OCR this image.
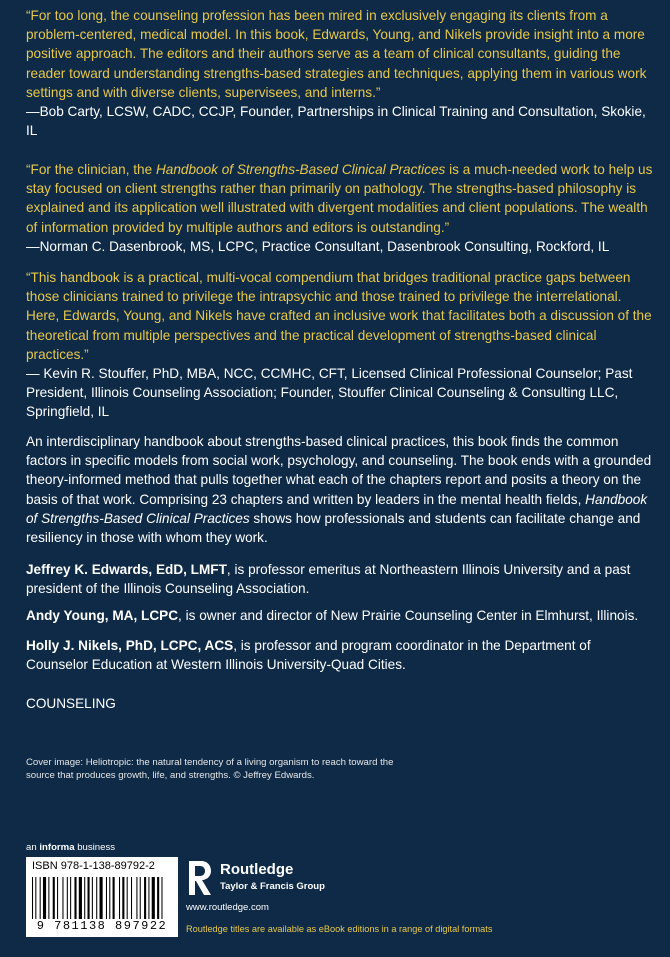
“For too long, the counseling profession has been mired in exclusively engaging its clients from a problem-centered, medical model. In this book, Edwards, Young, and Nikels provide insight into a more positive approach. The editors and their authors serve as a team of clinical consultants, guiding the reader toward understanding strengths-based strategies and techniques, applying them in various work settings and with diverse clients, supervisees, and interns.”
—Bob Carty, LCSW, CADC, CCJP, Founder, Partnerships in Clinical Training and Consultation, Skokie, IL
“For the clinician, the Handbook of Strengths-Based Clinical Practices is a much-needed work to help us stay focused on client strengths rather than primarily on pathology. The strengths-based philosophy is explained and its application well illustrated with divergent modalities and client populations. The wealth of information provided by multiple authors and editors is outstanding.”
—Norman C. Dasenbrook, MS, LCPC, Practice Consultant, Dasenbrook Consulting, Rockford, IL
“This handbook is a practical, multi-vocal compendium that bridges traditional practice gaps between those clinicians trained to privilege the intrapsychic and those trained to privilege the interrelational. Here, Edwards, Young, and Nikels have crafted an inclusive work that facilitates both a discussion of the theoretical from multiple perspectives and the practical development of strengths-based clinical practices.”
— Kevin R. Stouffer, PhD, MBA, NCC, CCMHC, CFT, Licensed Clinical Professional Counselor; Past President, Illinois Counseling Association; Founder, Stouffer Clinical Counseling & Consulting LLC, Springfield, IL
An interdisciplinary handbook about strengths-based clinical practices, this book finds the common factors in specific models from social work, psychology, and counseling. The book ends with a grounded theory-informed method that pulls together what each of the chapters report and posits a theory on the basis of that work. Comprising 23 chapters and written by leaders in the mental health fields, Handbook of Strengths-Based Clinical Practices shows how professionals and students can facilitate change and resiliency in those with whom they work.
Jeffrey K. Edwards, EdD, LMFT, is professor emeritus at Northeastern Illinois University and a past president of the Illinois Counseling Association.
Andy Young, MA, LCPC, is owner and director of New Prairie Counseling Center in Elmhurst, Illinois.
Holly J. Nikels, PhD, LCPC, ACS, is professor and program coordinator in the Department of Counselor Education at Western Illinois University-Quad Cities.
COUNSELING
Cover image: Heliotropic: the natural tendency of a living organism to reach toward the source that produces growth, life, and strengths. © Jeffrey Edwards.
an informa business
ISBN 978-1-138-89792-2
9 781138 897922
Routledge
Taylor & Francis Group
www.routledge.com
Routledge titles are available as eBook editions in a range of digital formats
